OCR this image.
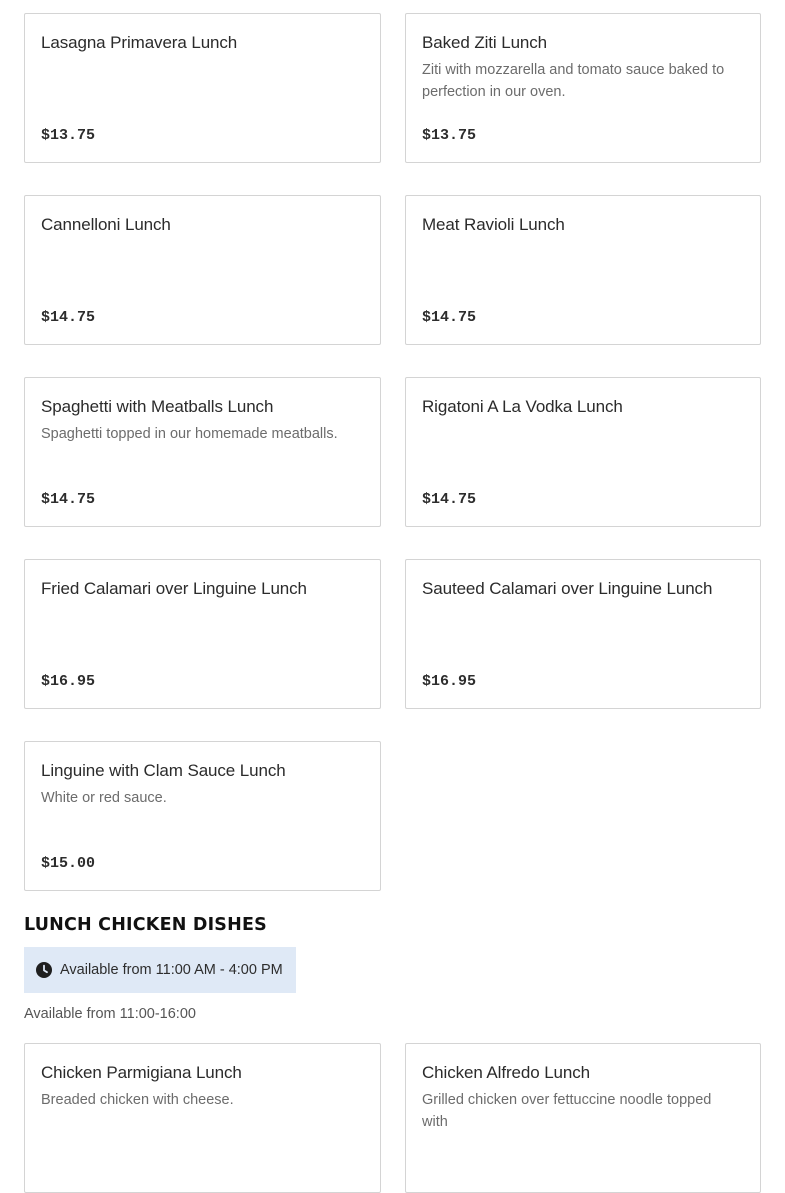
Lasagna Primavera Lunch
$13.75
Baked Ziti Lunch
Ziti with mozzarella and tomato sauce baked to perfection in our oven.
$13.75
Cannelloni Lunch
$14.75
Meat Ravioli Lunch
$14.75
Spaghetti with Meatballs Lunch
Spaghetti topped in our homemade meatballs.
$14.75
Rigatoni A La Vodka Lunch
$14.75
Fried Calamari over Linguine Lunch
$16.95
Sauteed Calamari over Linguine Lunch
$16.95
Linguine with Clam Sauce Lunch
White or red sauce.
$15.00
LUNCH CHICKEN DISHES
Available from 11:00 AM - 4:00 PM
Available from 11:00-16:00
Chicken Parmigiana Lunch
Breaded chicken with cheese.
Chicken Alfredo Lunch
Grilled chicken over fettuccine noodle topped with
